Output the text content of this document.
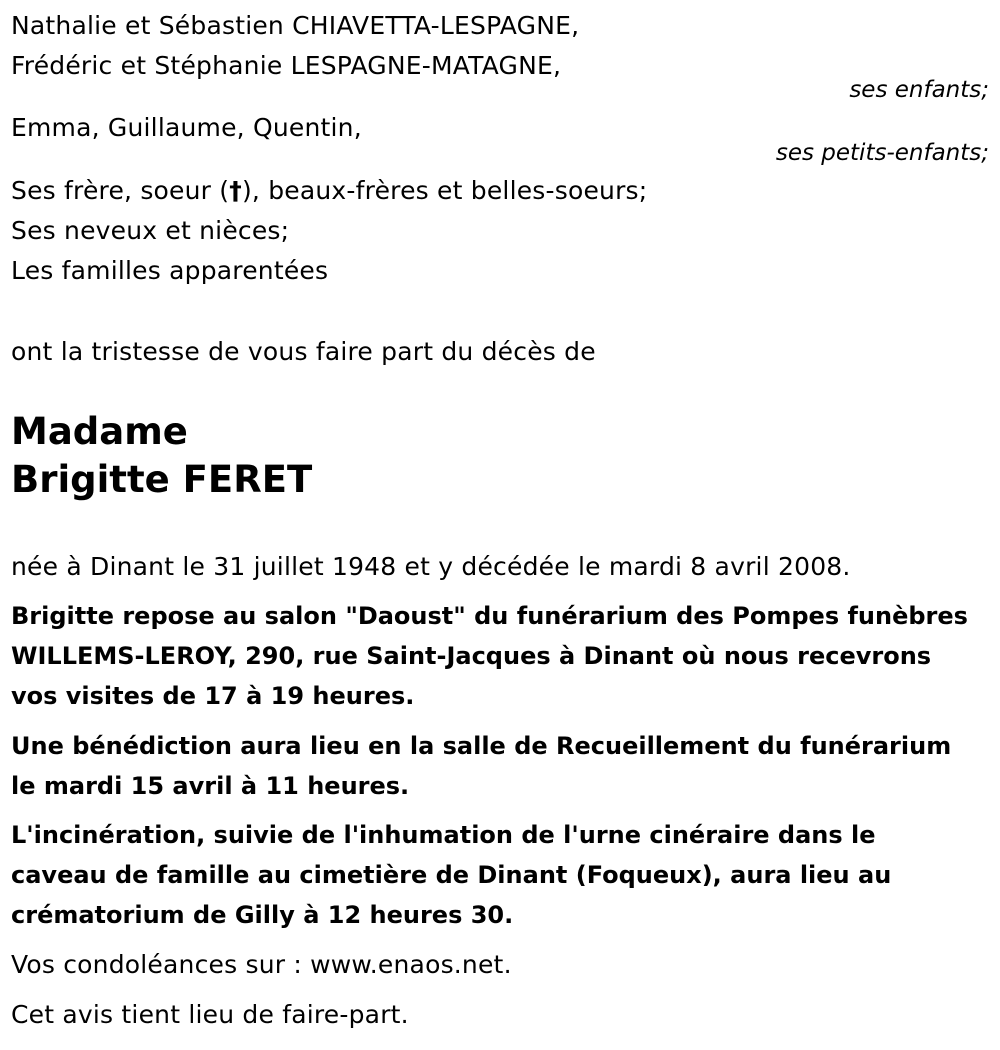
Nathalie et Sébastien CHIAVETTA-LESPAGNE,
Frédéric et Stéphanie LESPAGNE-MATAGNE,
ses enfants;
Emma, Guillaume, Quentin,
ses petits-enfants;
Ses frère, soeur (†), beaux-frères et belles-soeurs;
Ses neveux et nièces;
Les familles apparentées
ont la tristesse de vous faire part du décès de
Madame
Brigitte FERET
née à Dinant le 31 juillet 1948 et y décédée le mardi 8 avril 2008.
Brigitte repose au salon "Daoust" du funérarium des Pompes funèbres
WILLEMS-LEROY, 290, rue Saint-Jacques à Dinant où nous recevrons
vos visites de 17 à 19 heures.
Une bénédiction aura lieu en la salle de Recueillement du funérarium
le mardi 15 avril à 11 heures.
L'incinération, suivie de l'inhumation de l'urne cinéraire dans le
caveau de famille au cimetière de Dinant (Foqueux), aura lieu au
crématorium de Gilly à 12 heures 30.
Vos condoléances sur : www.enaos.net.
Cet avis tient lieu de faire-part.
